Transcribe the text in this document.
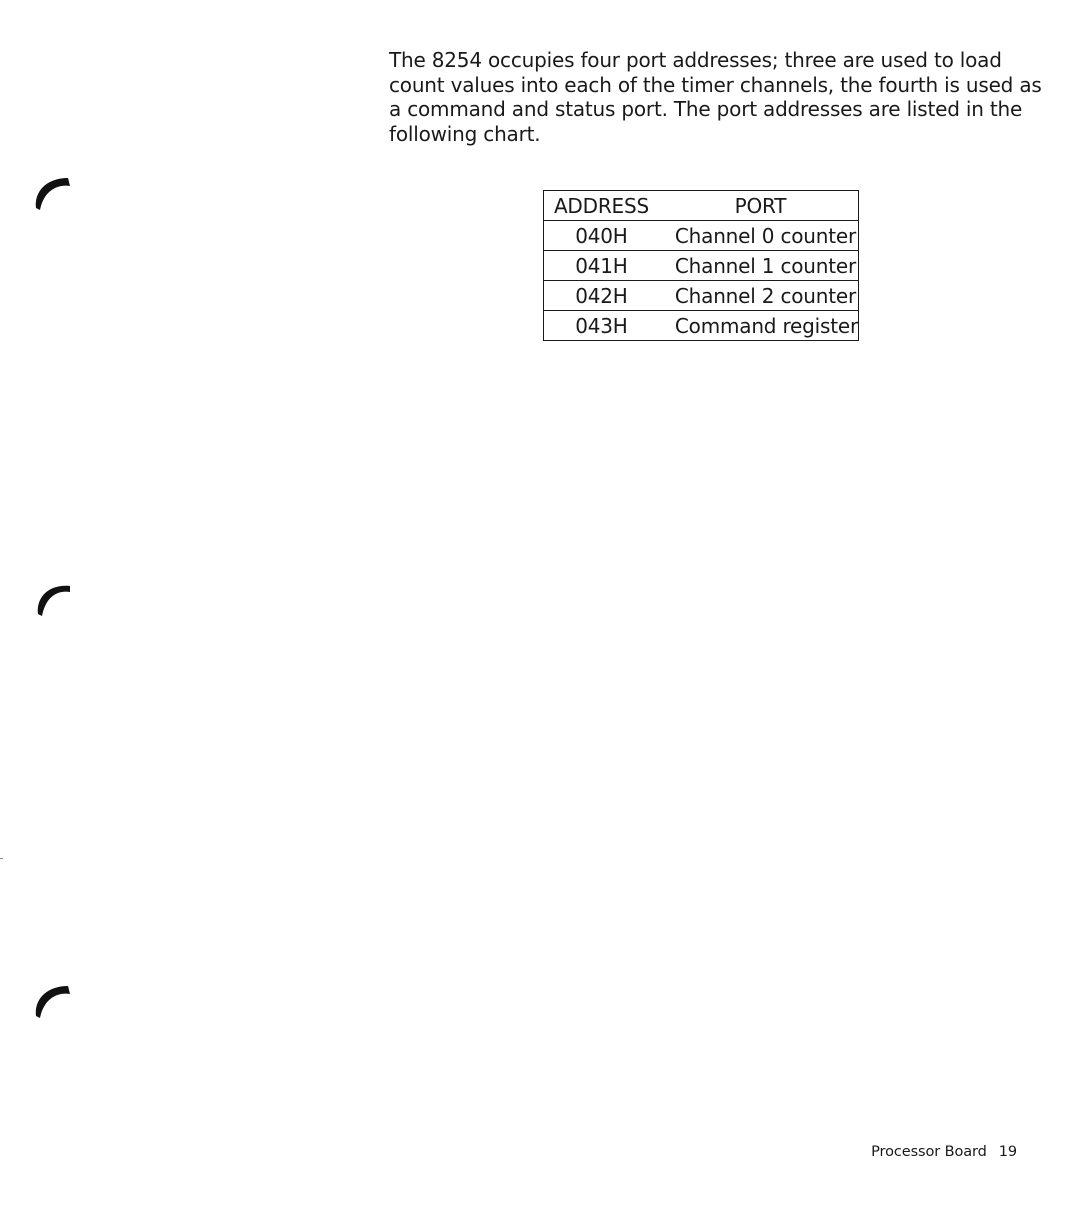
The 8254 occupies four port addresses; three are used to load
count values into each of the timer channels, the fourth is used as
a command and status port. The port addresses are listed in the
following chart.

ADDRESS	PORT
040H	Channel 0 counter
041H	Channel 1 counter
042H	Channel 2 counter
043H	Command register
Processor Board 19
